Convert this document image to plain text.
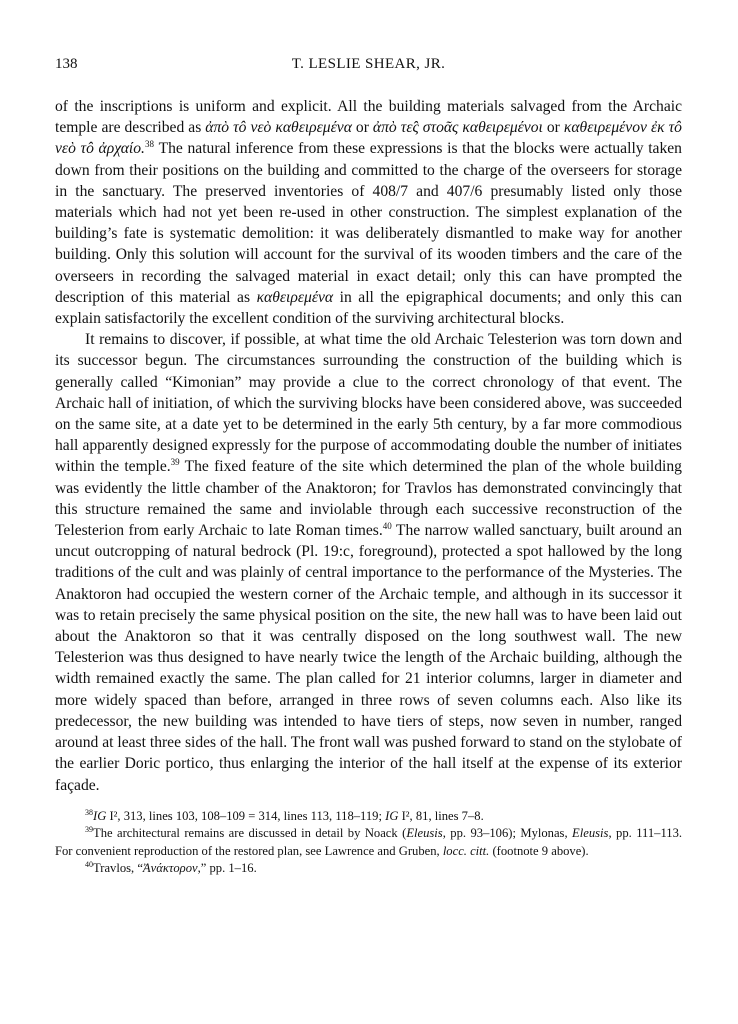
138	T. LESLIE SHEAR, JR.

of the inscriptions is uniform and explicit. All the building materials salvaged from the Archaic temple are described as ἀπὸ τô νεὸ καθειρεμένα or ἀπὸ τε̂ς στοᾶς καθειρεμένοι or καθειρεμένον ἐκ τô νεὸ τô ἀρχαίο.$^{38}$ The natural inference from these expressions is that the blocks were actually taken down from their positions on the building and committed to the charge of the overseers for storage in the sanctuary. The preserved inventories of 408/7 and 407/6 presumably listed only those materials which had not yet been re-used in other construction. The simplest explanation of the building’s fate is systematic demolition: it was deliberately dismantled to make way for another building. Only this solution will account for the survival of its wooden timbers and the care of the overseers in recording the salvaged material in exact detail; only this can have prompted the description of this material as καθειρεμένα in all the epigraphical documents; and only this can explain satisfactorily the excellent condition of the surviving architectural blocks.

It remains to discover, if possible, at what time the old Archaic Telesterion was torn down and its successor begun. The circumstances surrounding the construction of the building which is generally called “Kimonian” may provide a clue to the correct chronology of that event. The Archaic hall of initiation, of which the surviving blocks have been considered above, was succeeded on the same site, at a date yet to be determined in the early 5th century, by a far more commodious hall apparently designed expressly for the purpose of accommodating double the number of initiates within the temple.$^{39}$ The fixed feature of the site which determined the plan of the whole building was evidently the little chamber of the Anaktoron; for Travlos has demonstrated convincingly that this structure remained the same and inviolable through each successive reconstruction of the Telesterion from early Archaic to late Roman times.$^{40}$ The narrow walled sanctuary, built around an uncut outcropping of natural bedrock (Pl. 19:c, foreground), protected a spot hallowed by the long traditions of the cult and was plainly of central importance to the performance of the Mysteries. The Anaktoron had occupied the western corner of the Archaic temple, and although in its successor it was to retain precisely the same physical position on the site, the new hall was to have been laid out about the Anaktoron so that it was centrally disposed on the long southwest wall. The new Telesterion was thus designed to have nearly twice the length of the Archaic building, although the width remained exactly the same. The plan called for 21 interior columns, larger in diameter and more widely spaced than before, arranged in three rows of seven columns each. Also like its predecessor, the new building was intended to have tiers of steps, now seven in number, ranged around at least three sides of the hall. The front wall was pushed forward to stand on the stylobate of the earlier Doric portico, thus enlarging the interior of the hall itself at the expense of its exterior façade.

$^{38}$IG I², 313, lines 103, 108–109 = 314, lines 113, 118–119; IG I², 81, lines 7–8.

$^{39}$The architectural remains are discussed in detail by Noack (Eleusis, pp. 93–106); Mylonas, Eleusis, pp. 111–113. For convenient reproduction of the restored plan, see Lawrence and Gruben, locc. citt. (footnote 9 above).

$^{40}$Travlos, “Ἀνάκτορον,” pp. 1–16.
